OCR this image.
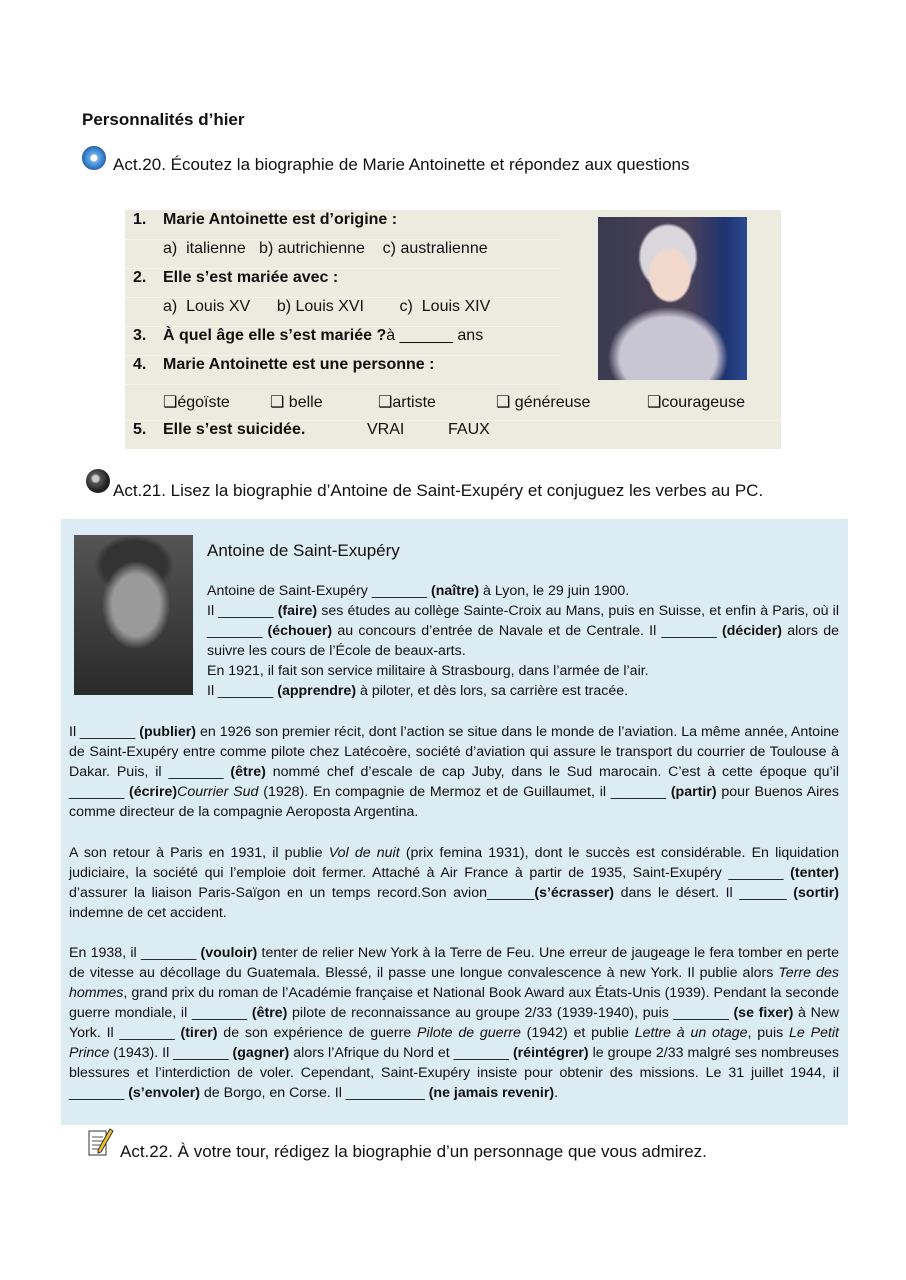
Personnalités d’hier
Act.20. Écoutez la biographie de Marie Antoinette et répondez aux questions
1. Marie Antoinette est d’origine :
a)  italienne   b) autrichienne    c) australienne
2. Elle s’est mariée avec :
a)  Louis XV      b) Louis XVI        c)  Louis XIV
3. À quel âge elle s’est mariée ?à ______ ans
4. Marie Antoinette est une personne :
❑égoïste	❑ belle	❑artiste	❑ généreuse	❑courageuse
5. Elle s’est suicidée.	VRAI	FAUX
Act.21. Lisez la biographie d’Antoine de Saint-Exupéry et conjuguez les verbes au PC.
Antoine de Saint-Exupéry
Antoine de Saint-Exupéry _______ (naître) à Lyon, le 29 juin 1900.
Il _______ (faire) ses études au collège Sainte-Croix au Mans, puis en Suisse, et enfin à Paris, où il _______ (échouer) au concours d’entrée de Navale et de Centrale. Il _______ (décider) alors de suivre les cours de l’École de beaux-arts.
En 1921, il fait son service militaire à Strasbourg, dans l’armée de l’air.
Il _______ (apprendre) à piloter, et dès lors, sa carrière est tracée.
Il _______ (publier) en 1926 son premier récit, dont l’action se situe dans le monde de l’aviation. La même année, Antoine de Saint-Exupéry entre comme pilote chez Latécoère, société d’aviation qui assure le transport du courrier de Toulouse à Dakar. Puis, il _______ (être) nommé chef d’escale de cap Juby, dans le Sud marocain. C’est à cette époque qu’il _______ (écrire)Courrier Sud (1928). En compagnie de Mermoz et de Guillaumet, il _______ (partir) pour Buenos Aires comme directeur de la compagnie Aeroposta Argentina.
A son retour à Paris en 1931, il publie Vol de nuit (prix femina 1931), dont le succès est considérable. En liquidation judiciaire, la société qui l’emploie doit fermer. Attaché à Air France à partir de 1935, Saint-Exupéry _______ (tenter) d’assurer la liaison Paris-Saïgon en un temps record.Son avion______(s’écrasser) dans le désert. Il ______ (sortir) indemne de cet accident.
En 1938, il _______ (vouloir) tenter de relier New York à la Terre de Feu. Une erreur de jaugeage le fera tomber en perte de vitesse au décollage du Guatemala. Blessé, il passe une longue convalescence à new York. Il publie alors Terre des hommes, grand prix du roman de l’Académie française et National Book Award aux États-Unis (1939). Pendant la seconde guerre mondiale, il _______ (être) pilote de reconnaissance au groupe 2/33 (1939-1940), puis _______ (se fixer) à New York. Il _______ (tirer) de son expérience de guerre Pilote de guerre (1942) et publie Lettre à un otage, puis Le Petit Prince (1943). Il _______ (gagner) alors l’Afrique du Nord et _______ (réintégrer) le groupe 2/33 malgré ses nombreuses blessures et l’interdiction de voler. Cependant, Saint-Exupéry insiste pour obtenir des missions. Le 31 juillet 1944, il _______ (s’envoler) de Borgo, en Corse. Il __________ (ne jamais revenir).
Act.22. À votre tour, rédigez la biographie d’un personnage que vous admirez.
